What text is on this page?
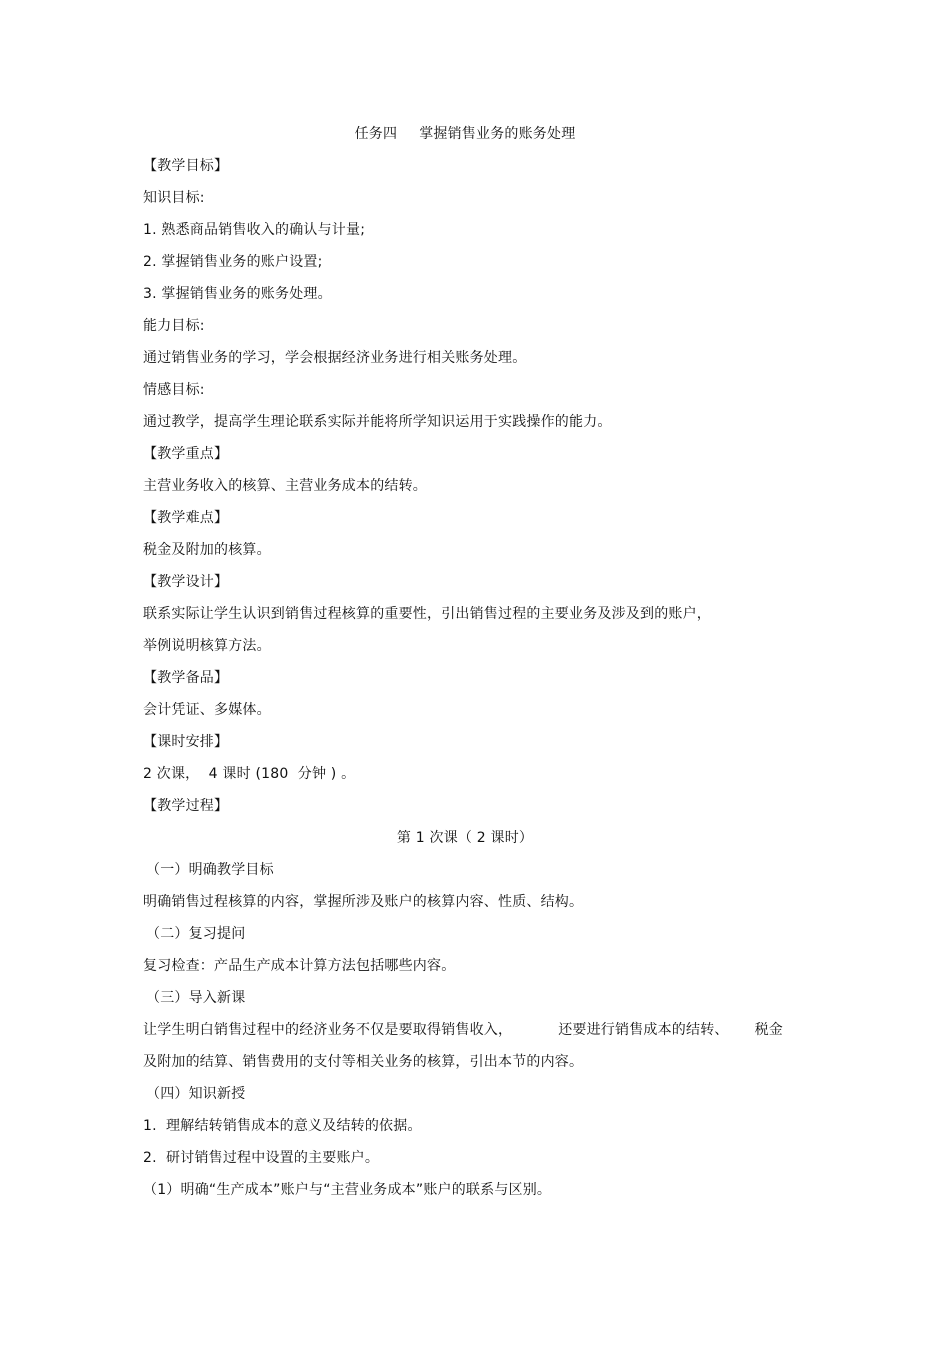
任务四 掌握销售业务的账务处理
【教学目标】
知识目标:
1. 熟悉商品销售收入的确认与计量;
2. 掌握销售业务的账户设置;
3. 掌握销售业务的账务处理。
能力目标:
通过销售业务的学习，学会根据经济业务进行相关账务处理。
情感目标:
通过教学，提高学生理论联系实际并能将所学知识运用于实践操作的能力。
【教学重点】
主营业务收入的核算、主营业务成本的结转。
【教学难点】
税金及附加的核算。
【教学设计】
联系实际让学生认识到销售过程核算的重要性，引出销售过程的主要业务及涉及到的账户，
举例说明核算方法。
【教学备品】
会计凭证、多媒体。
【课时安排】
2 次课，  4 课时 (180  分钟 ) 。
【教学过程】
第 1 次课（ 2 课时）
（一）明确教学目标
明确销售过程核算的内容，掌握所涉及账户的核算内容、性质、结构。
（二）复习提问
复习检查：产品生产成本计算方法包括哪些内容。
（三）导入新课
让学生明白销售过程中的经济业务不仅是要取得销售收入，	还要进行销售成本的结转、 税金
及附加的结算、销售费用的支付等相关业务的核算，引出本节的内容。
（四）知识新授
1.  理解结转销售成本的意义及结转的依据。
2.  研讨销售过程中设置的主要账户。
（1）明确“生产成本”账户与“主营业务成本”账户的联系与区别。
